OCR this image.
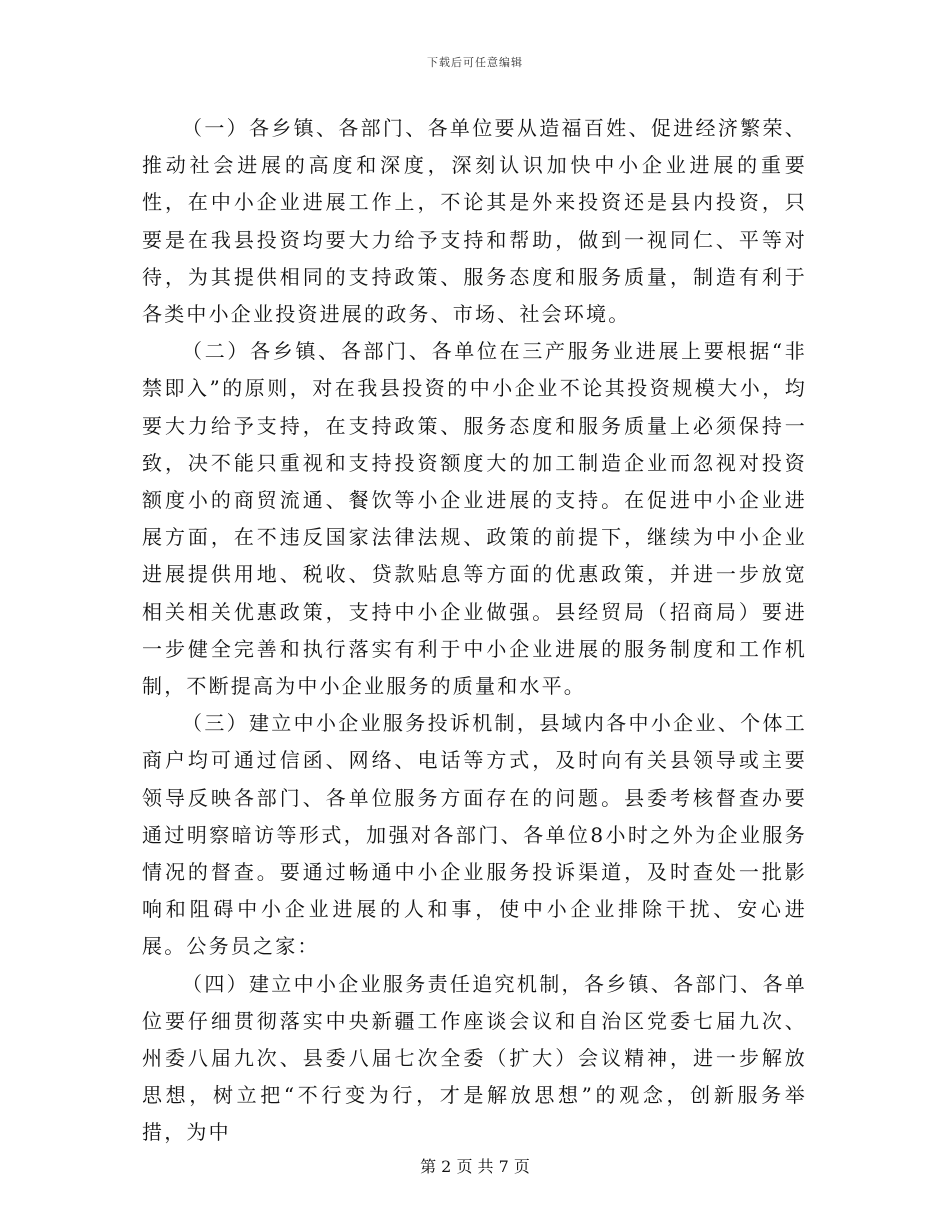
下载后可任意编辑

（一）各乡镇、各部门、各单位要从造福百姓、促进经济繁荣、推动社会进展的高度和深度，深刻认识加快中小企业进展的重要性，在中小企业进展工作上，不论其是外来投资还是县内投资，只要是在我县投资均要大力给予支持和帮助，做到一视同仁、平等对待，为其提供相同的支持政策、服务态度和服务质量，制造有利于各类中小企业投资进展的政务、市场、社会环境。

（二）各乡镇、各部门、各单位在三产服务业进展上要根据“非禁即入”的原则，对在我县投资的中小企业不论其投资规模大小，均要大力给予支持，在支持政策、服务态度和服务质量上必须保持一致，决不能只重视和支持投资额度大的加工制造企业而忽视对投资额度小的商贸流通、餐饮等小企业进展的支持。在促进中小企业进展方面，在不违反国家法律法规、政策的前提下，继续为中小企业进展提供用地、税收、贷款贴息等方面的优惠政策，并进一步放宽相关相关优惠政策，支持中小企业做强。县经贸局（招商局）要进一步健全完善和执行落实有利于中小企业进展的服务制度和工作机制，不断提高为中小企业服务的质量和水平。

（三）建立中小企业服务投诉机制，县域内各中小企业、个体工商户均可通过信函、网络、电话等方式，及时向有关县领导或主要领导反映各部门、各单位服务方面存在的问题。县委考核督查办要通过明察暗访等形式，加强对各部门、各单位8小时之外为企业服务情况的督查。要通过畅通中小企业服务投诉渠道，及时查处一批影响和阻碍中小企业进展的人和事，使中小企业排除干扰、安心进展。公务员之家：

（四）建立中小企业服务责任追究机制，各乡镇、各部门、各单位要仔细贯彻落实中央新疆工作座谈会议和自治区党委七届九次、州委八届九次、县委八届七次全委（扩大）会议精神，进一步解放思想，树立把“不行变为行，才是解放思想”的观念，创新服务举措，为中

第 2 页 共 7 页
